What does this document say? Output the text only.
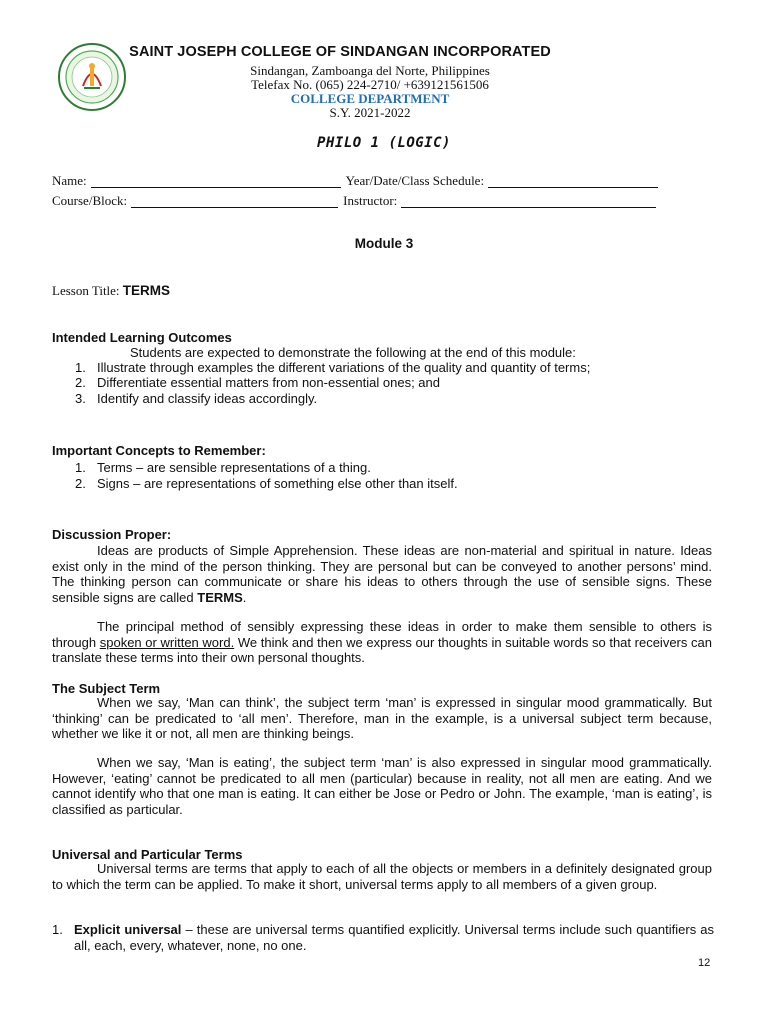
SAINT JOSEPH COLLEGE OF SINDANGAN INCORPORATED
Sindangan, Zamboanga del Norte, Philippines
Telefax No. (065) 224-2710/ +639121561506
COLLEGE DEPARTMENT
S.Y. 2021-2022
PHILO 1 (LOGIC)
Name:	Year/Date/Class Schedule:
Course/Block:	Instructor:
Module 3
Lesson Title: TERMS
Intended Learning Outcomes
Students are expected to demonstrate the following at the end of this module:
1. Illustrate through examples the different variations of the quality and quantity of terms;
2. Differentiate essential matters from non-essential ones; and
3. Identify and classify ideas accordingly.
Important Concepts to Remember:
1. Terms – are sensible representations of a thing.
2. Signs – are representations of something else other than itself.
Discussion Proper:
Ideas are products of Simple Apprehension. These ideas are non-material and spiritual in nature. Ideas exist only in the mind of the person thinking. They are personal but can be conveyed to another persons’ mind. The thinking person can communicate or share his ideas to others through the use of sensible signs. These sensible signs are called TERMS.
The principal method of sensibly expressing these ideas in order to make them sensible to others is through spoken or written word. We think and then we express our thoughts in suitable words so that receivers can translate these terms into their own personal thoughts.
The Subject Term
When we say, ‘Man can think’, the subject term ‘man’ is expressed in singular mood grammatically. But ‘thinking’ can be predicated to ‘all men’. Therefore, man in the example, is a universal subject term because, whether we like it or not, all men are thinking beings.
When we say, ‘Man is eating’, the subject term ‘man’ is also expressed in singular mood grammatically. However, ‘eating’ cannot be predicated to all men (particular) because in reality, not all men are eating. And we cannot identify who that one man is eating. It can either be Jose or Pedro or John. The example, ‘man is eating’, is classified as particular.
Universal and Particular Terms
Universal terms are terms that apply to each of all the objects or members in a definitely designated group to which the term can be applied. To make it short, universal terms apply to all members of a given group.
1. Explicit universal – these are universal terms quantified explicitly. Universal terms include such quantifiers as all, each, every, whatever, none, no one.
12
